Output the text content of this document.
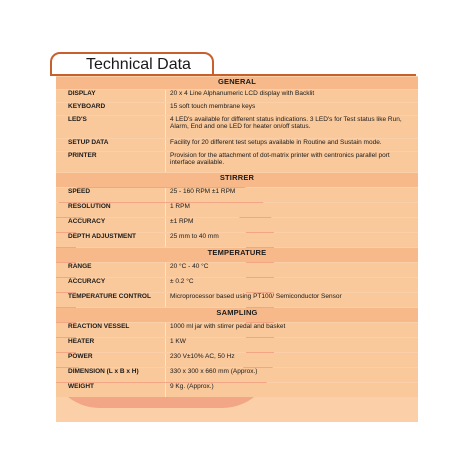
Technical Data
GENERAL	
DISPLAY	20 x 4 Line Alphanumeric LCD display with Backlit
KEYBOARD	15 soft touch membrane keys
LED'S	4 LED's available for different status indications. 3 LED's for Test status like Run, Alarm, End and one LED for heater on/off status.
SETUP DATA	Facility for 20 different test setups available in Routine and Sustain mode.
PRINTER	Provision for the attachment of dot-matrix printer with centronics parallel port interface available.
STIRRER	
SPEED	25 - 160 RPM ±1 RPM
RESOLUTION	1 RPM
ACCURACY	±1 RPM
DEPTH ADJUSTMENT	25 mm to 40 mm
TEMPERATURE	
RANGE	20 °C - 40 °C
ACCURACY	± 0.2 °C
TEMPERATURE CONTROL	Microprocessor based using PT100/ Semiconductor Sensor
SAMPLING	
REACTION VESSEL	1000 ml jar with stirrer pedal and basket
HEATER	1 KW
POWER	230 V±10% AC, 50 Hz
DIMENSION (L x B x H)	330 x 300 x 660 mm (Approx.)
WEIGHT	9 Kg. (Approx.)
